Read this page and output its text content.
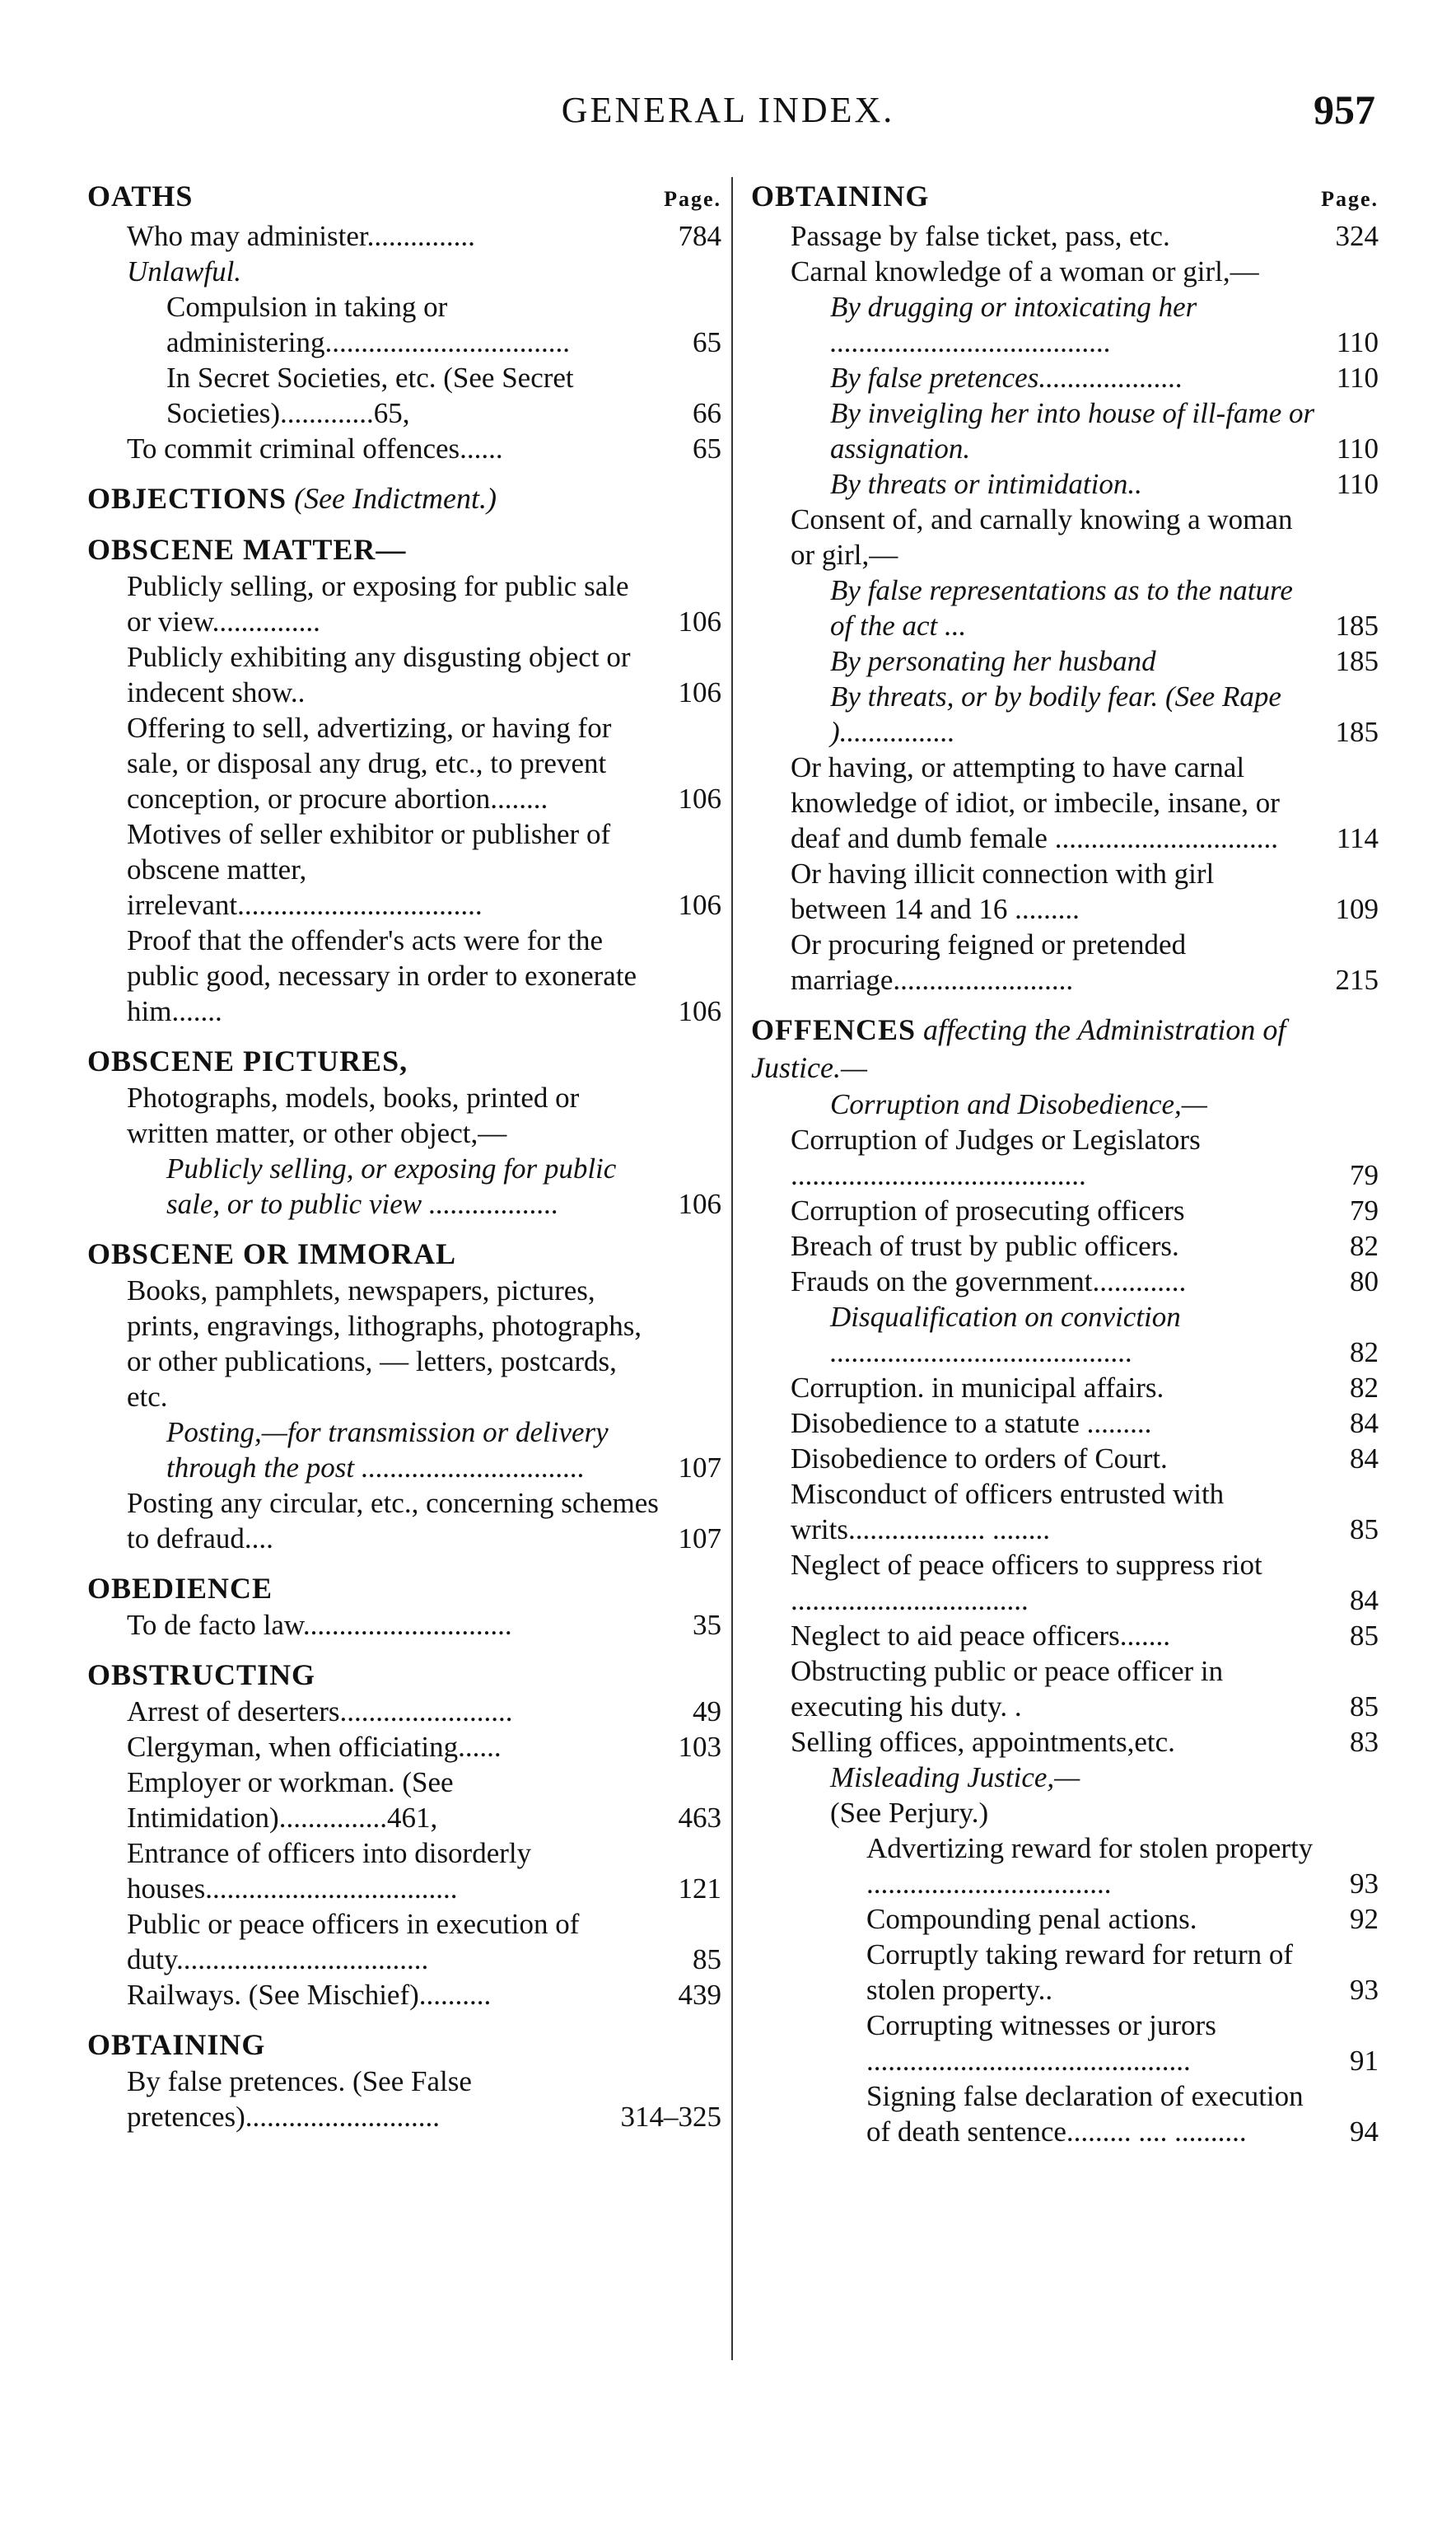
GENERAL INDEX.	957
OATHS	Page.
Who may administer...............	784
Unlawful.
Compulsion in taking or administering..................................	65
In Secret Societies, etc. (See Secret Societies).............65,	66
To commit criminal offences......	65
OBJECTIONS (See Indictment.)
OBSCENE MATTER—
Publicly selling, or exposing for public sale or view...............	106
Publicly exhibiting any disgusting object or indecent show..	106
Offering to sell, advertizing, or having for sale, or disposal any drug, etc., to prevent conception, or procure abortion........	106
Motives of seller exhibitor or publisher of obscene matter, irrelevant..................................	106
Proof that the offender's acts were for the public good, necessary in order to exonerate him.......	106
OBSCENE PICTURES,
Photographs, models, books, printed or written matter, or other object,—
Publicly selling, or exposing for public sale, or to public view ..................	106
OBSCENE OR IMMORAL
Books, pamphlets, newspapers, pictures, prints, engravings, lithographs, photographs, or other publications, — letters, postcards, etc.
Posting,—for transmission or delivery through the post ...............................	107
Posting any circular, etc., concerning schemes to defraud....	107
OBEDIENCE
To de facto law.............................	35
OBSTRUCTING
Arrest of deserters........................	49
Clergyman, when officiating......	103
Employer or workman. (See Intimidation)...............461,	463
Entrance of officers into disorderly houses...................................	121
Public or peace officers in execution of duty...................................	85
Railways. (See Mischief)..........	439
OBTAINING
By false pretences. (See False pretences)...........................	314–325
OBTAINING	Page.
Passage by false ticket, pass, etc.	324
Carnal knowledge of a woman or girl,—
By drugging or intoxicating her .......................................	110
By false pretences....................	110
By inveigling her into house of ill-fame or assignation.	110
By threats or intimidation..	110
Consent of, and carnally knowing a woman or girl,—
By false representations as to the nature of the act ...	185
By personating her husband	185
By threats, or by bodily fear. (See Rape )................	185
Or having, or attempting to have carnal knowledge of idiot, or imbecile, insane, or deaf and dumb female ............................... 114
Or having illicit connection with girl between 14 and 16 .........	109
Or procuring feigned or pretended marriage.........................	215
OFFENCES affecting the Administration of Justice.—
Corruption and Disobedience,—
Corruption of Judges or Legislators .........................................	79
Corruption of prosecuting officers	79
Breach of trust by public officers.	82
Frauds on the government.............	80
Disqualification on conviction ..........................................	82
Corruption. in municipal affairs.	82
Disobedience to a statute .........	84
Disobedience to orders of Court.	84
Misconduct of officers entrusted with writs................... ........	85
Neglect of peace officers to suppress riot .................................	84
Neglect to aid peace officers.......	85
Obstructing public or peace officer in executing his duty. .	85
Selling offices, appointments,etc.	83
Misleading Justice,—
(See Perjury.)
Advertizing reward for stolen property ..................................	93
Compounding penal actions.	92
Corruptly taking reward for return of stolen property..	93
Corrupting witnesses or jurors .............................................	91
Signing false declaration of execution of death sentence......... .... ..........	94
